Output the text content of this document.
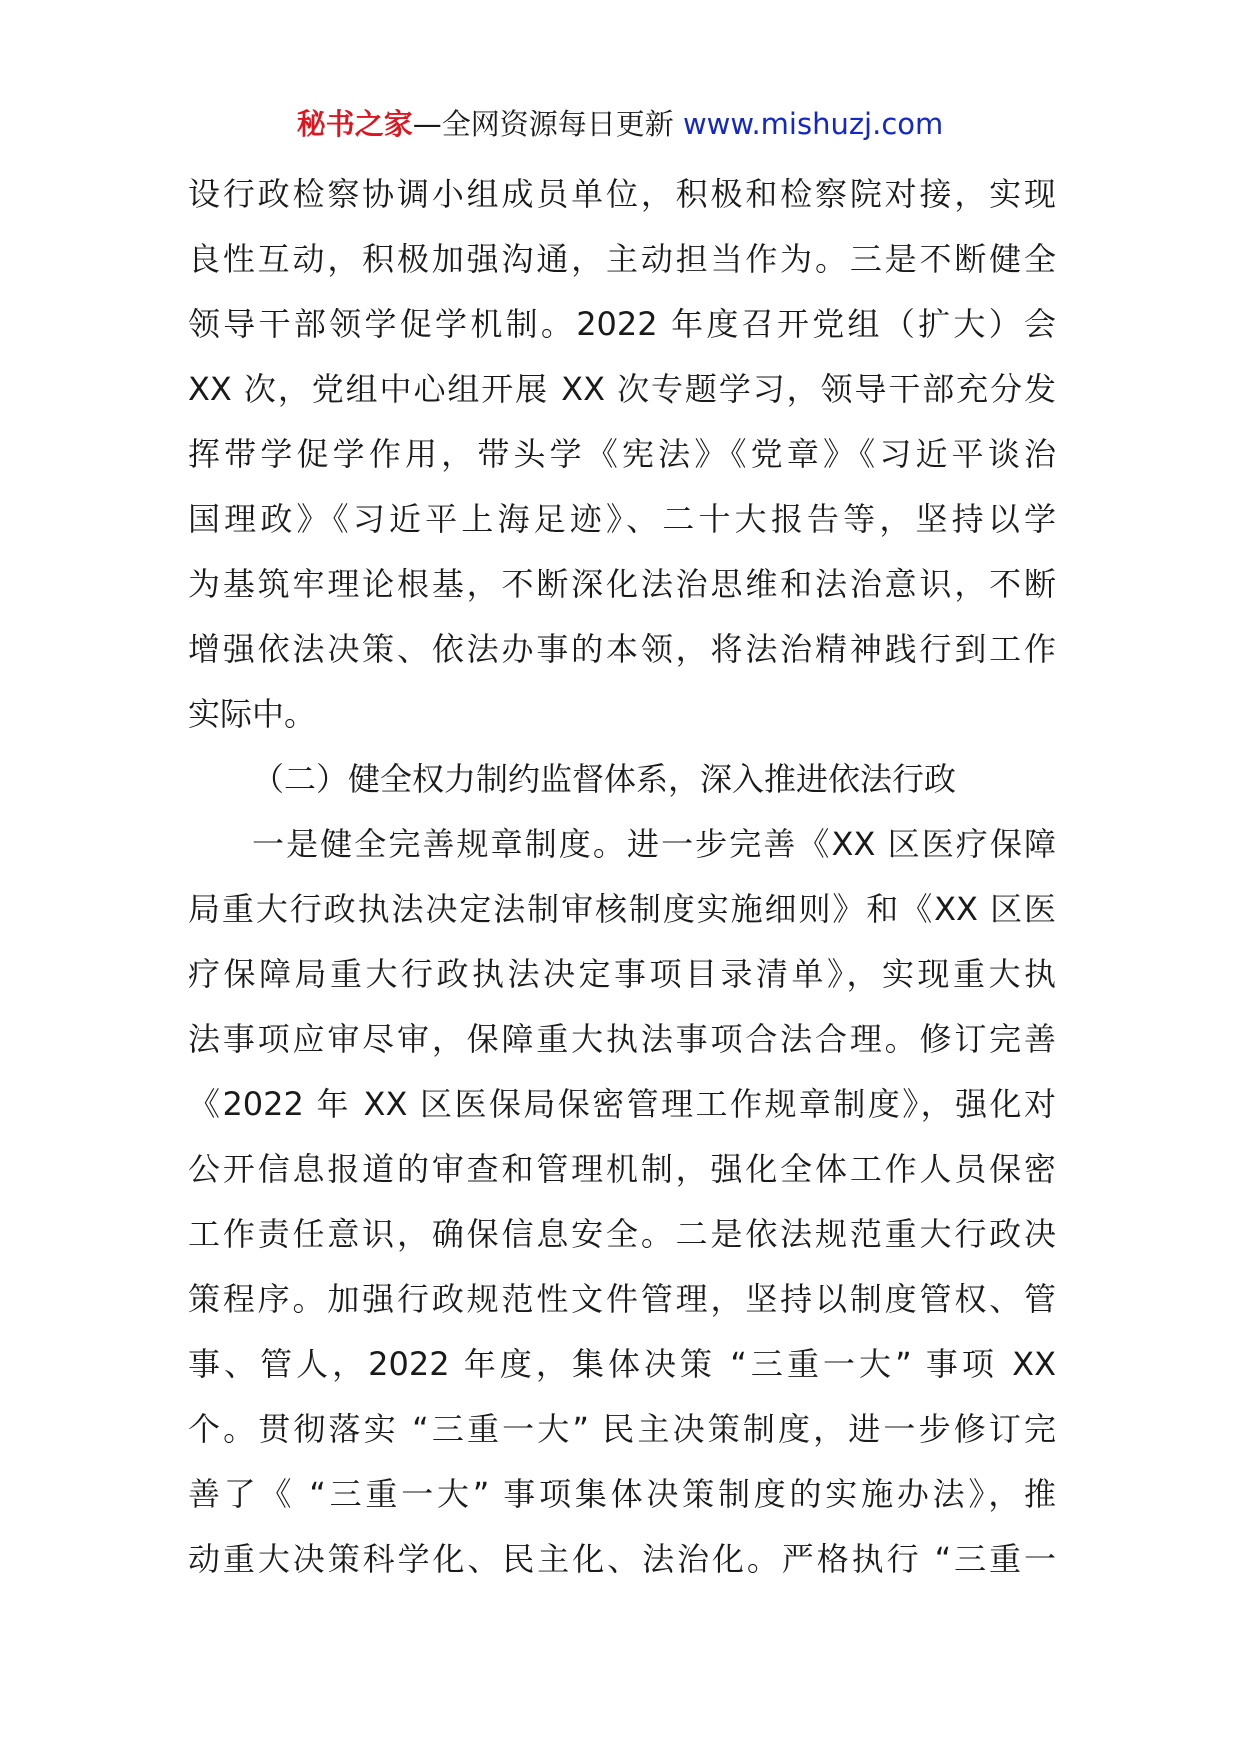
秘书之家—全网资源每日更新 www.mishuzj.com
设行政检察协调小组成员单位，积极和检察院对接，实现
良性互动，积极加强沟通，主动担当作为。三是不断健全
领导干部领学促学机制。2022 年度召开党组（扩大）会
XX 次，党组中心组开展 XX 次专题学习，领导干部充分发
挥带学促学作用，带头学《宪法》《党章》《习近平谈治
国理政》《习近平上海足迹》、二十大报告等，坚持以学
为基筑牢理论根基，不断深化法治思维和法治意识，不断
增强依法决策、依法办事的本领，将法治精神践行到工作
实际中。
（二）健全权力制约监督体系，深入推进依法行政
一是健全完善规章制度。进一步完善《XX 区医疗保障
局重大行政执法决定法制审核制度实施细则》和《XX 区医
疗保障局重大行政执法决定事项目录清单》，实现重大执
法事项应审尽审，保障重大执法事项合法合理。修订完善
《2022 年 XX 区医保局保密管理工作规章制度》，强化对
公开信息报道的审查和管理机制，强化全体工作人员保密
工作责任意识，确保信息安全。二是依法规范重大行政决
策程序。加强行政规范性文件管理，坚持以制度管权、管
事、管人，2022 年度，集体决策 “三重一大” 事项 XX
个。贯彻落实 “三重一大” 民主决策制度，进一步修订完
善了《 “三重一大” 事项集体决策制度的实施办法》，推
动重大决策科学化、民主化、法治化。严格执行 “三重一
